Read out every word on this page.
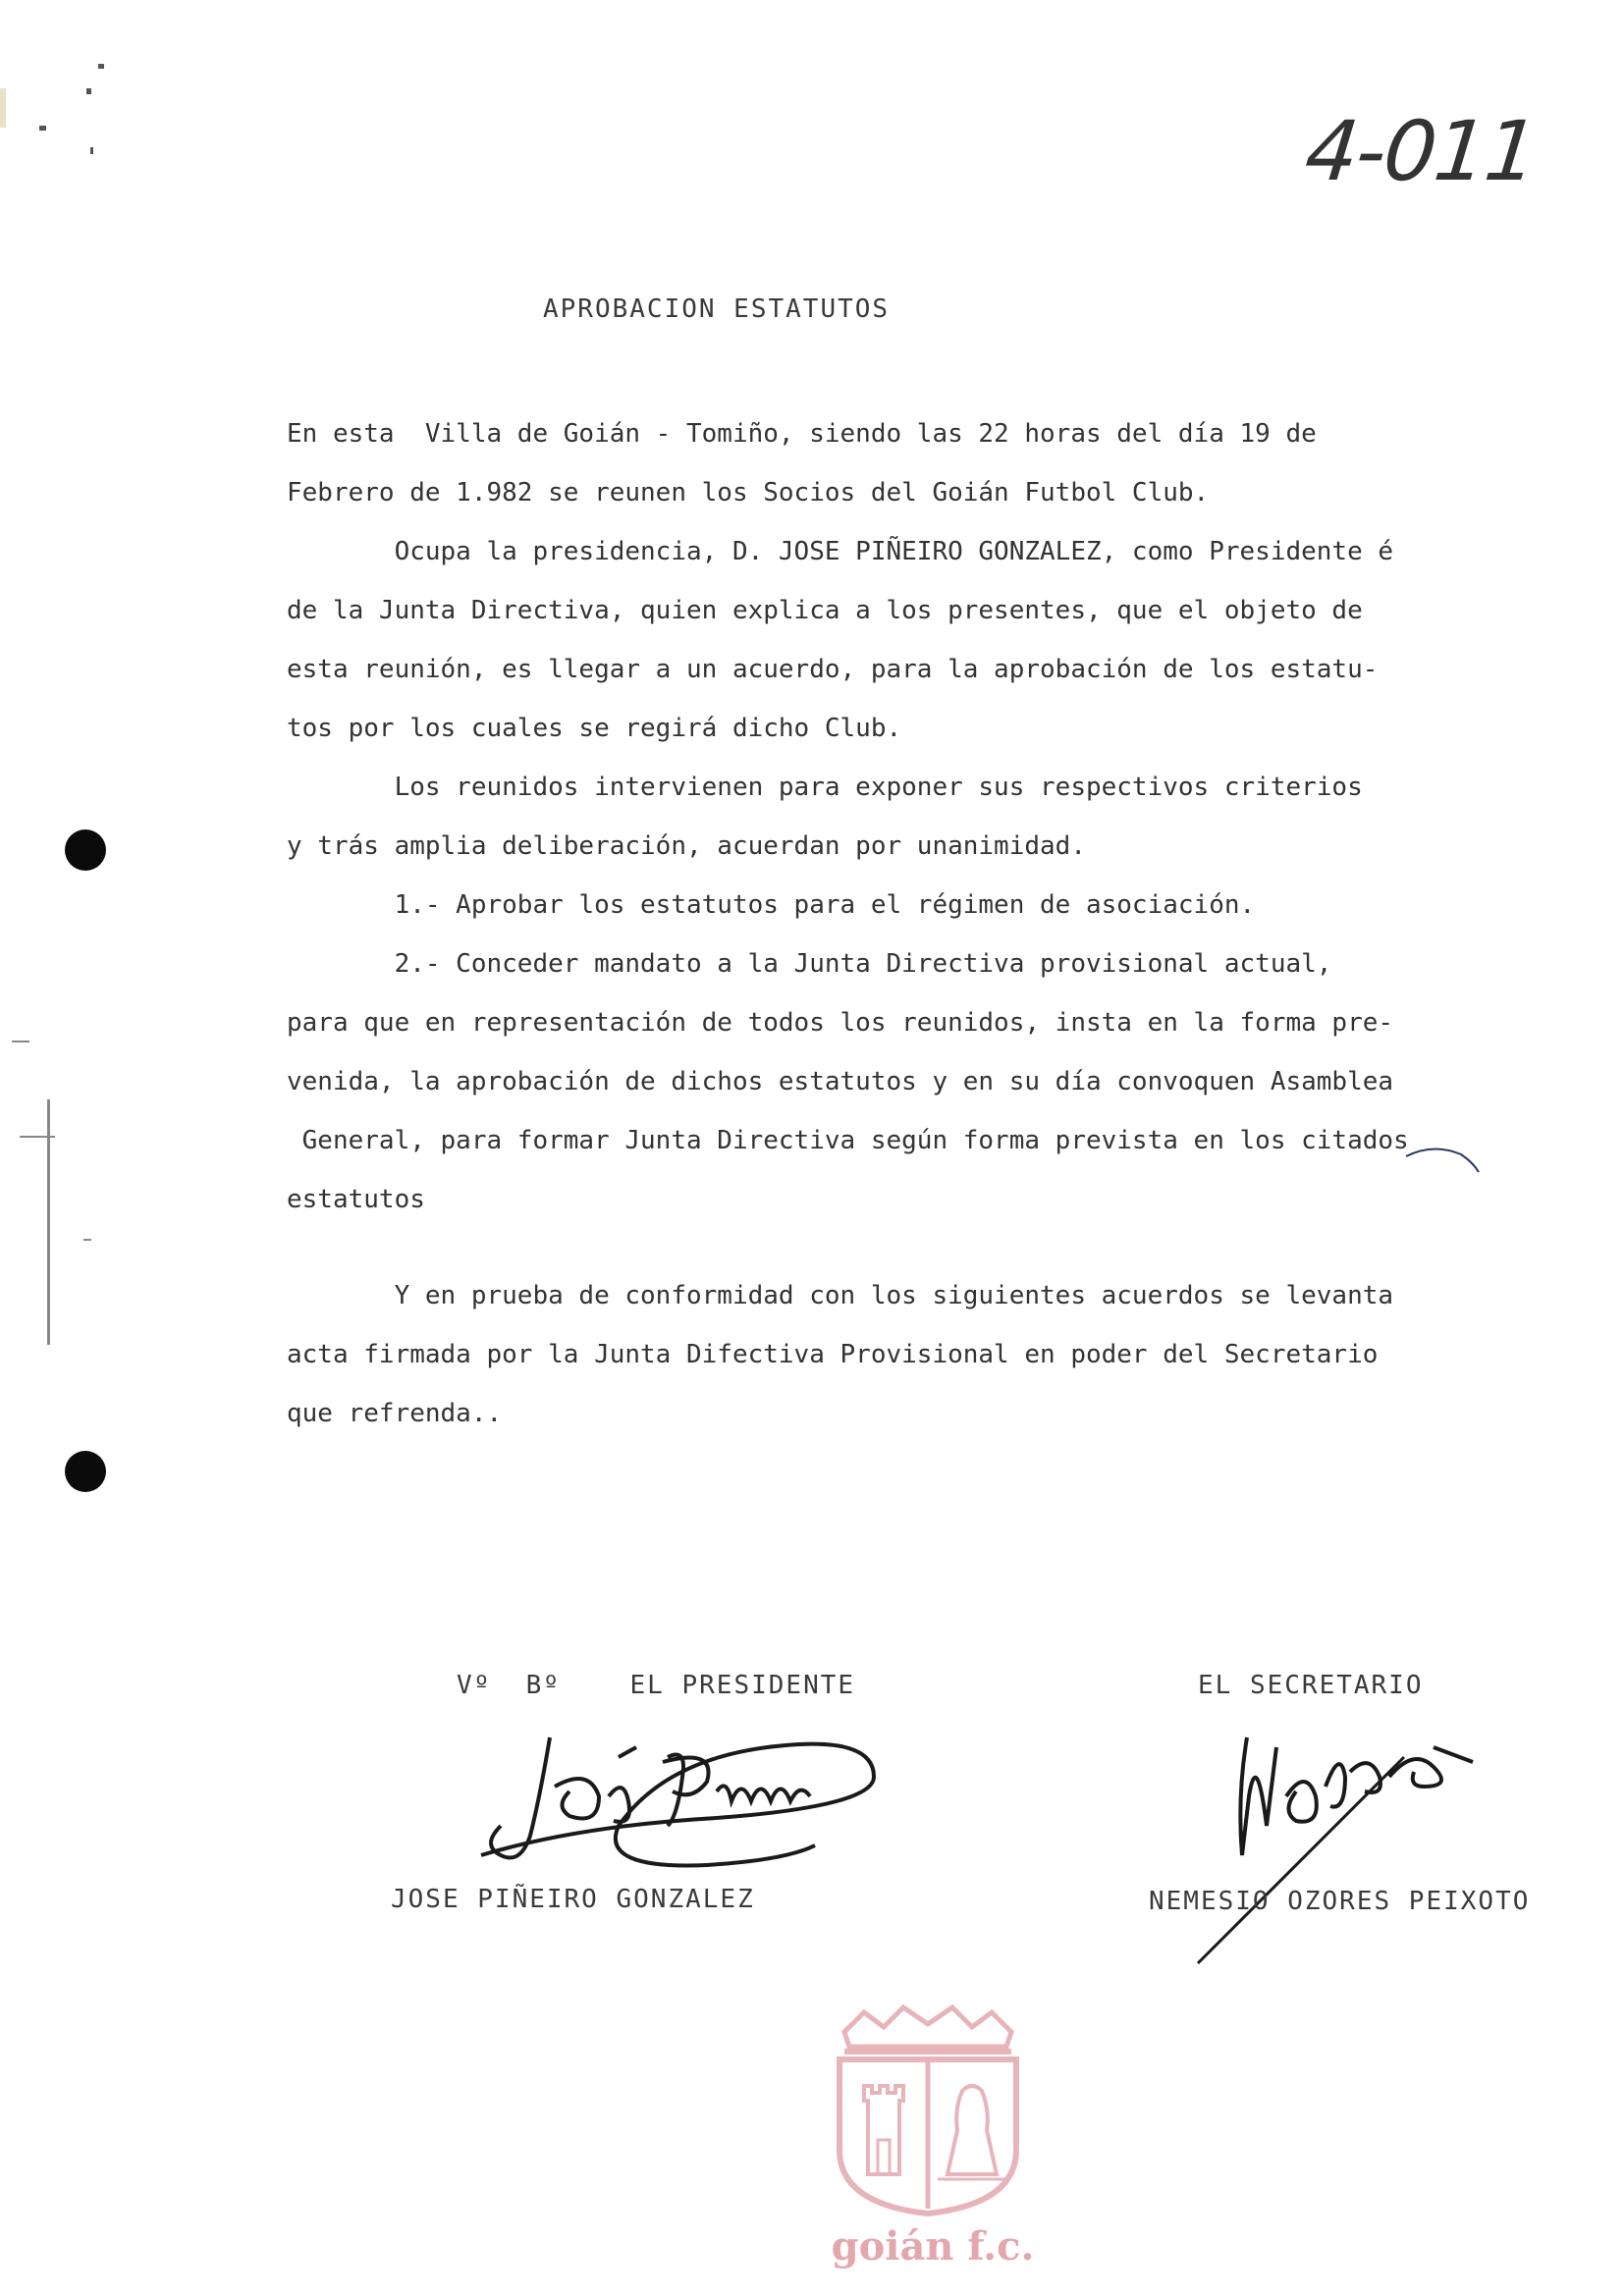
4-011
APROBACION ESTATUTOS
En esta  Villa de Goián - Tomiño, siendo las 22 horas del día 19 de
Febrero de 1.982 se reunen los Socios del Goián Futbol Club.
Ocupa la presidencia, D. JOSE PIÑEIRO GONZALEZ, como Presidente é
de la Junta Directiva, quien explica a los presentes, que el objeto de
esta reunión, es llegar a un acuerdo, para la aprobación de los estatu-
tos por los cuales se regirá dicho Club.
Los reunidos intervienen para exponer sus respectivos criterios
y trás amplia deliberación, acuerdan por unanimidad.
1.- Aprobar los estatutos para el régimen de asociación.
2.- Conceder mandato a la Junta Directiva provisional actual,
para que en representación de todos los reunidos, insta en la forma pre-
venida, la aprobación de dichos estatutos y en su día convoquen Asamblea
General, para formar Junta Directiva según forma prevista en los citados
estatutos
Y en prueba de conformidad con los siguientes acuerdos se levanta
acta firmada por la Junta Difectiva Provisional en poder del Secretario
que refrenda..
Vº  Bº    EL PRESIDENTE	EL SECRETARIO
JOSE PIÑEIRO GONZALEZ	NEMESIO OZORES PEIXOTO
goián f.c.
